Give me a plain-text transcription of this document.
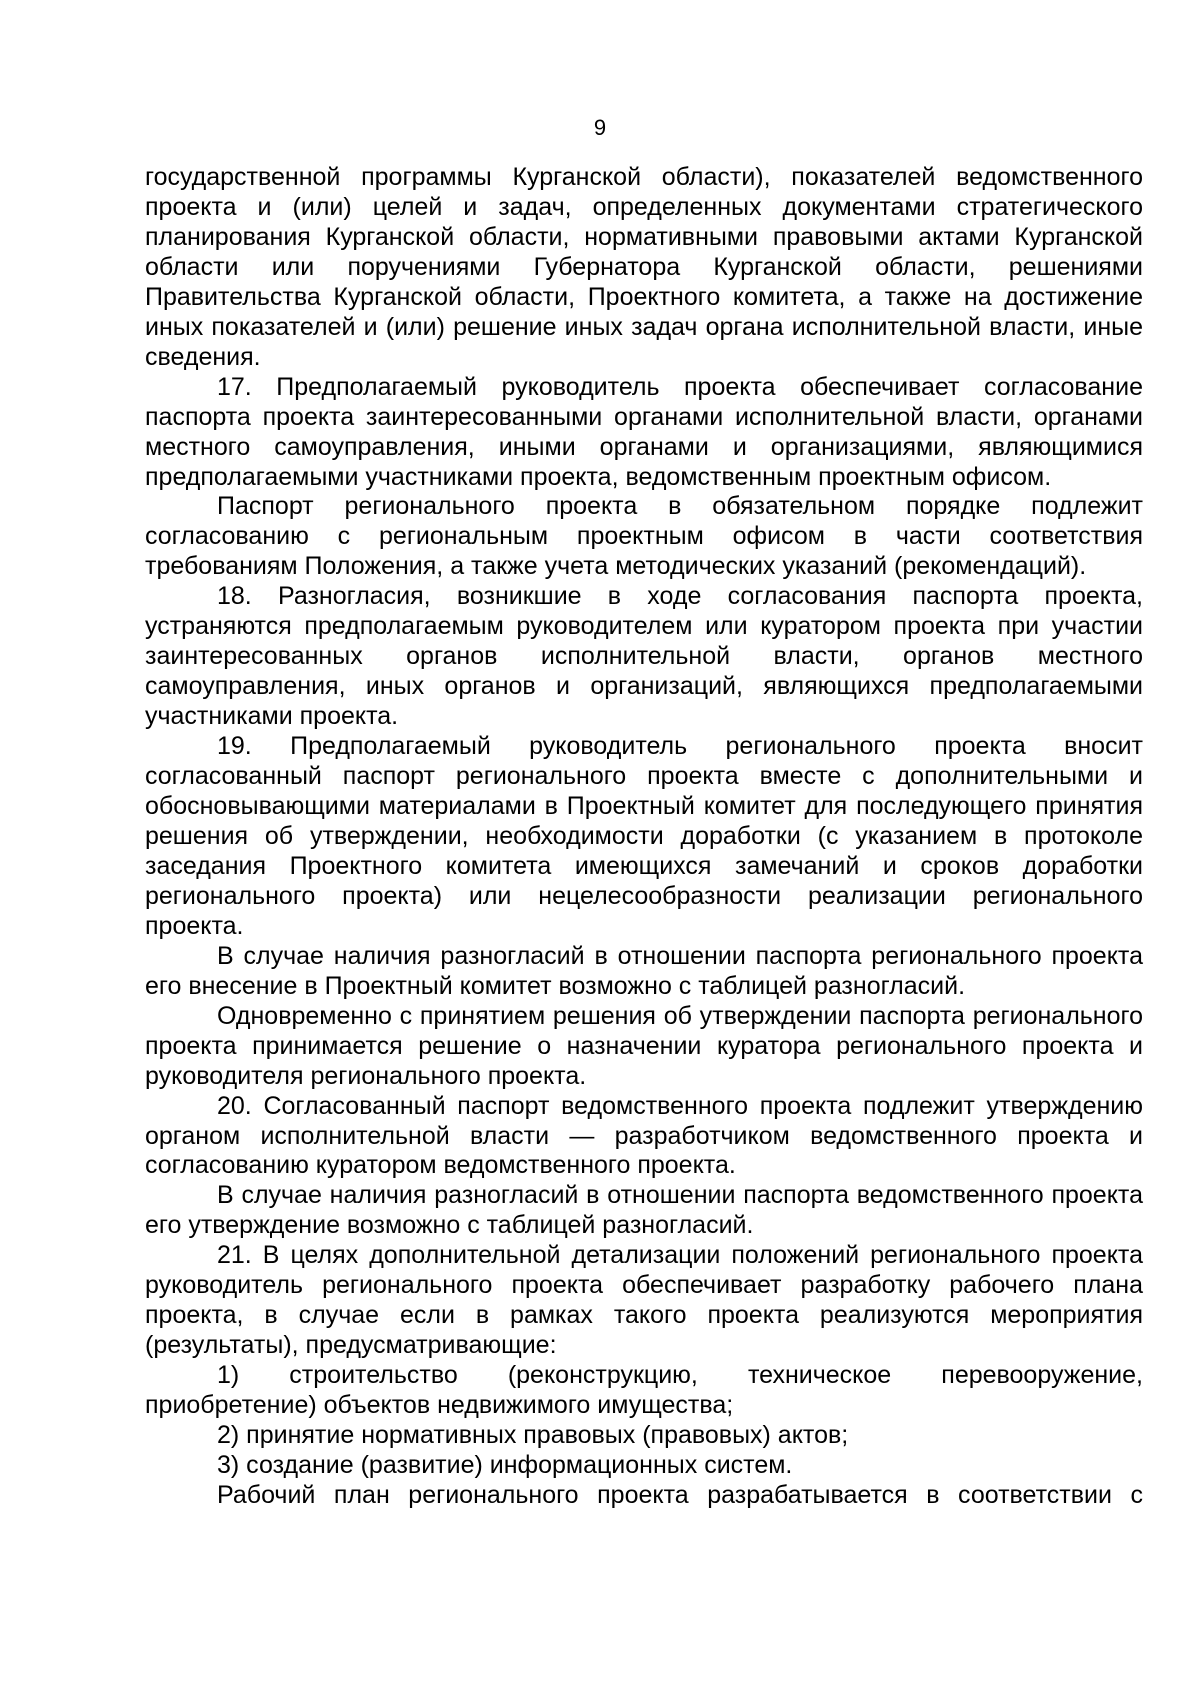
9

государственной программы Курганской области), показателей ведомственного проекта и (или) целей и задач, определенных документами стратегического планирования Курганской области, нормативными правовыми актами Курганской области или поручениями Губернатора Курганской области, решениями Правительства Курганской области, Проектного комитета, а также на достижение иных показателей и (или) решение иных задач органа исполнительной власти, иные сведения.

17. Предполагаемый руководитель проекта обеспечивает согласование паспорта проекта заинтересованными органами исполнительной власти, органами местного самоуправления, иными органами и организациями, являющимися предполагаемыми участниками проекта, ведомственным проектным офисом.

Паспорт регионального проекта в обязательном порядке подлежит согласованию с региональным проектным офисом в части соответствия требованиям Положения, а также учета методических указаний (рекомендаций).

18. Разногласия, возникшие в ходе согласования паспорта проекта, устраняются предполагаемым руководителем или куратором проекта при участии заинтересованных органов исполнительной власти, органов местного самоуправления, иных органов и организаций, являющихся предполагаемыми участниками проекта.

19. Предполагаемый руководитель регионального проекта вносит согласованный паспорт регионального проекта вместе с дополнительными и обосновывающими материалами в Проектный комитет для последующего принятия решения об утверждении, необходимости доработки (с указанием в протоколе заседания Проектного комитета имеющихся замечаний и сроков доработки регионального проекта) или нецелесообразности реализации регионального проекта.

В случае наличия разногласий в отношении паспорта регионального проекта его внесение в Проектный комитет возможно с таблицей разногласий.

Одновременно с принятием решения об утверждении паспорта регионального проекта принимается решение о назначении куратора регионального проекта и руководителя регионального проекта.

20. Согласованный паспорт ведомственного проекта подлежит утверждению органом исполнительной власти — разработчиком ведомственного проекта и согласованию куратором ведомственного проекта.

В случае наличия разногласий в отношении паспорта ведомственного проекта его утверждение возможно с таблицей разногласий.

21. В целях дополнительной детализации положений регионального проекта руководитель регионального проекта обеспечивает разработку рабочего плана проекта, в случае если в рамках такого проекта реализуются мероприятия (результаты), предусматривающие:

1) строительство (реконструкцию, техническое перевооружение, приобретение) объектов недвижимого имущества;

2) принятие нормативных правовых (правовых) актов;

3) создание (развитие) информационных систем.

Рабочий план регионального проекта разрабатывается в соответствии с
